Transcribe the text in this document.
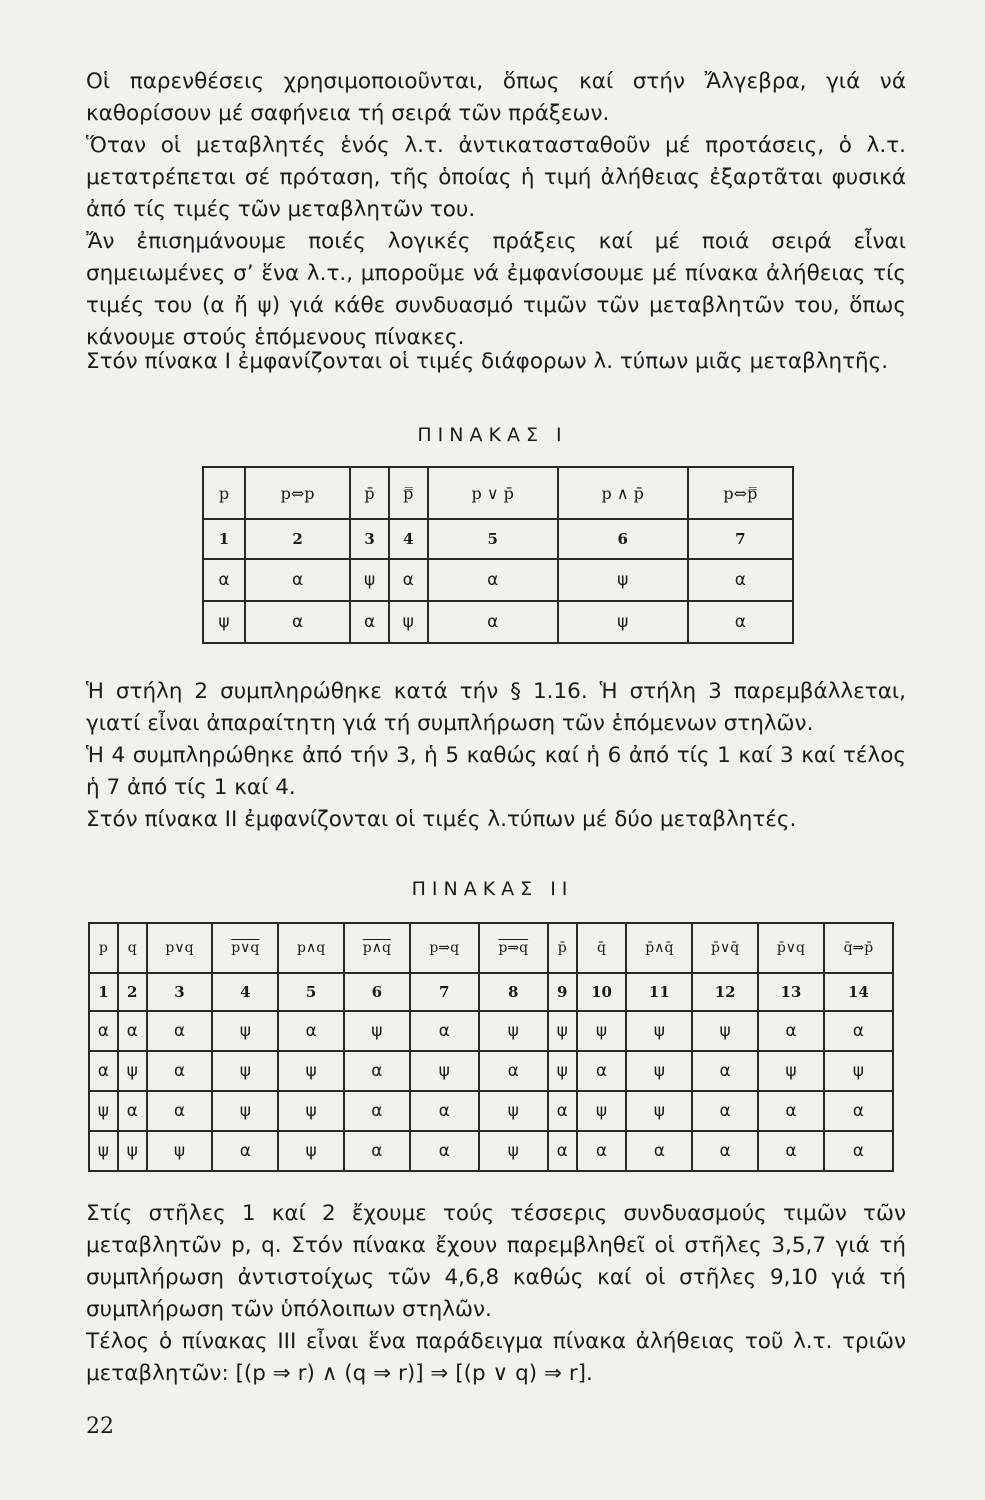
Οἱ παρενθέσεις χρησιμοποιοῦνται, ὅπως καί στήν Ἄλγεβρα, γιά νά καθορίσουν μέ σαφήνεια τή σειρά τῶν πράξεων.

Ὅταν οἱ μεταβλητές ἑνός λ.τ. ἀντικατασταθοῦν μέ προτάσεις, ὁ λ.τ. μετατρέπεται σέ πρόταση, τῆς ὁποίας ἡ τιμή ἀλήθειας ἐξαρτᾶται φυσικά ἀπό τίς τιμές τῶν μεταβλητῶν του.

Ἄν ἐπισημάνουμε ποιές λογικές πράξεις καί μέ ποιά σειρά εἶναι σημειωμένες σ’ ἕνα λ.τ., μποροῦμε νά ἐμφανίσουμε μέ πίνακα ἀλήθειας τίς τιμές του (α ἤ ψ) γιά κάθε συνδυασμό τιμῶν τῶν μεταβλητῶν του, ὅπως κάνουμε στούς ἑπόμενους πίνακες.

Στόν πίνακα Ι ἐμφανίζονται οἱ τιμές διάφορων λ. τύπων μιᾶς μεταβλητῆς.

ΠΙΝΑΚΑΣ Ι
p	p⇔p	p̄	p̿	p ∨ p̄	p ∧ p̄	p⇔p̿
1	2	3	4	5	6	7
α	α	ψ	α	α	ψ	α
ψ	α	α	ψ	α	ψ	α

Ἡ στήλη 2 συμπληρώθηκε κατά τήν § 1.16. Ἡ στήλη 3 παρεμβάλλεται, γιατί εἶναι ἀπαραίτητη γιά τή συμπλήρωση τῶν ἑπόμενων στηλῶν.

Ἡ 4 συμπληρώθηκε ἀπό τήν 3, ἡ 5 καθώς καί ἡ 6 ἀπό τίς 1 καί 3 καί τέλος ἡ 7 ἀπό τίς 1 καί 4.

Στόν πίνακα ΙΙ ἐμφανίζονται οἱ τιμές λ.τύπων μέ δύο μεταβλητές.

ΠΙΝΑΚΑΣ ΙΙ
p	q	p∨q	p∨q	p∧q	p∧q	p⇒q	p⇒q	p̄	q̄	p̄∧q̄	p̄∨q̄	p̄∨q	q̄⇒p̄
1	2	3	4	5	6	7	8	9	10	11	12	13	14
α	α	α	ψ	α	ψ	α	ψ	ψ	ψ	ψ	ψ	α	α
α	ψ	α	ψ	ψ	α	ψ	α	ψ	α	ψ	α	ψ	ψ
ψ	α	α	ψ	ψ	α	α	ψ	α	ψ	ψ	α	α	α
ψ	ψ	ψ	α	ψ	α	α	ψ	α	α	α	α	α	α

Στίς στῆλες 1 καί 2 ἔχουμε τούς τέσσερις συνδυασμούς τιμῶν τῶν μεταβλητῶν p, q. Στόν πίνακα ἔχουν παρεμβληθεῖ οἱ στῆλες 3,5,7 γιά τή συμπλήρωση ἀντιστοίχως τῶν 4,6,8 καθώς καί οἱ στῆλες 9,10 γιά τή συμπλήρωση τῶν ὑπόλοιπων στηλῶν.

Τέλος ὁ πίνακας ΙΙΙ εἶναι ἕνα παράδειγμα πίνακα ἀλήθειας τοῦ λ.τ. τριῶν μεταβλητῶν: [(p ⇒ r) ∧ (q ⇒ r)] ⇒ [(p ∨ q) ⇒ r].

22
